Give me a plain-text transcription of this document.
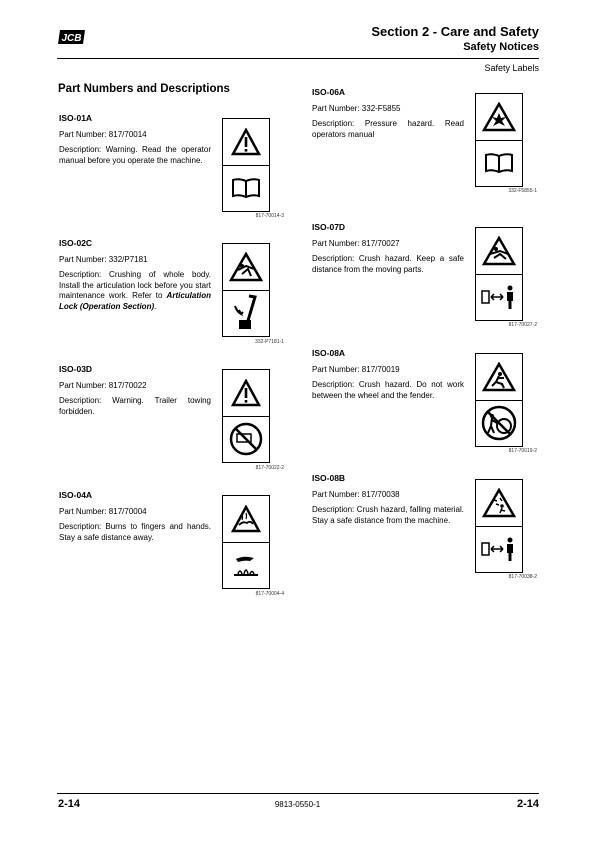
JCB	Section 2 - Care and Safety
Safety Notices
Safety Labels
Part Numbers and Descriptions
ISO-01A
Part Number: 817/70014
Description: Warning. Read the operator manual before you operate the machine.
817-70014-3
ISO-02C
Part Number: 332/P7181
Description: Crushing of whole body. Install the articulation lock before you start maintenance work. Refer to Articulation Lock (Operation Section).
332-P7181-1
ISO-03D
Part Number: 817/70022
Description: Warning. Trailer towing forbidden.
817-70022-2
ISO-04A
Part Number: 817/70004
Description: Burns to fingers and hands. Stay a safe distance away.
817-70004-4
ISO-06A
Part Number: 332-F5855
Description: Pressure hazard. Read operators manual
332-F5855-1
ISO-07D
Part Number: 817/70027
Description: Crush hazard. Keep a safe distance from the moving parts.
817-70027-2
ISO-08A
Part Number: 817/70019
Description: Crush hazard. Do not work between the wheel and the fender.
817-70019-2
ISO-08B
Part Number: 817/70038
Description: Crush hazard, falling material. Stay a safe distance from the machine.
817-70038-2
2-14	9813-0550-1	2-14
